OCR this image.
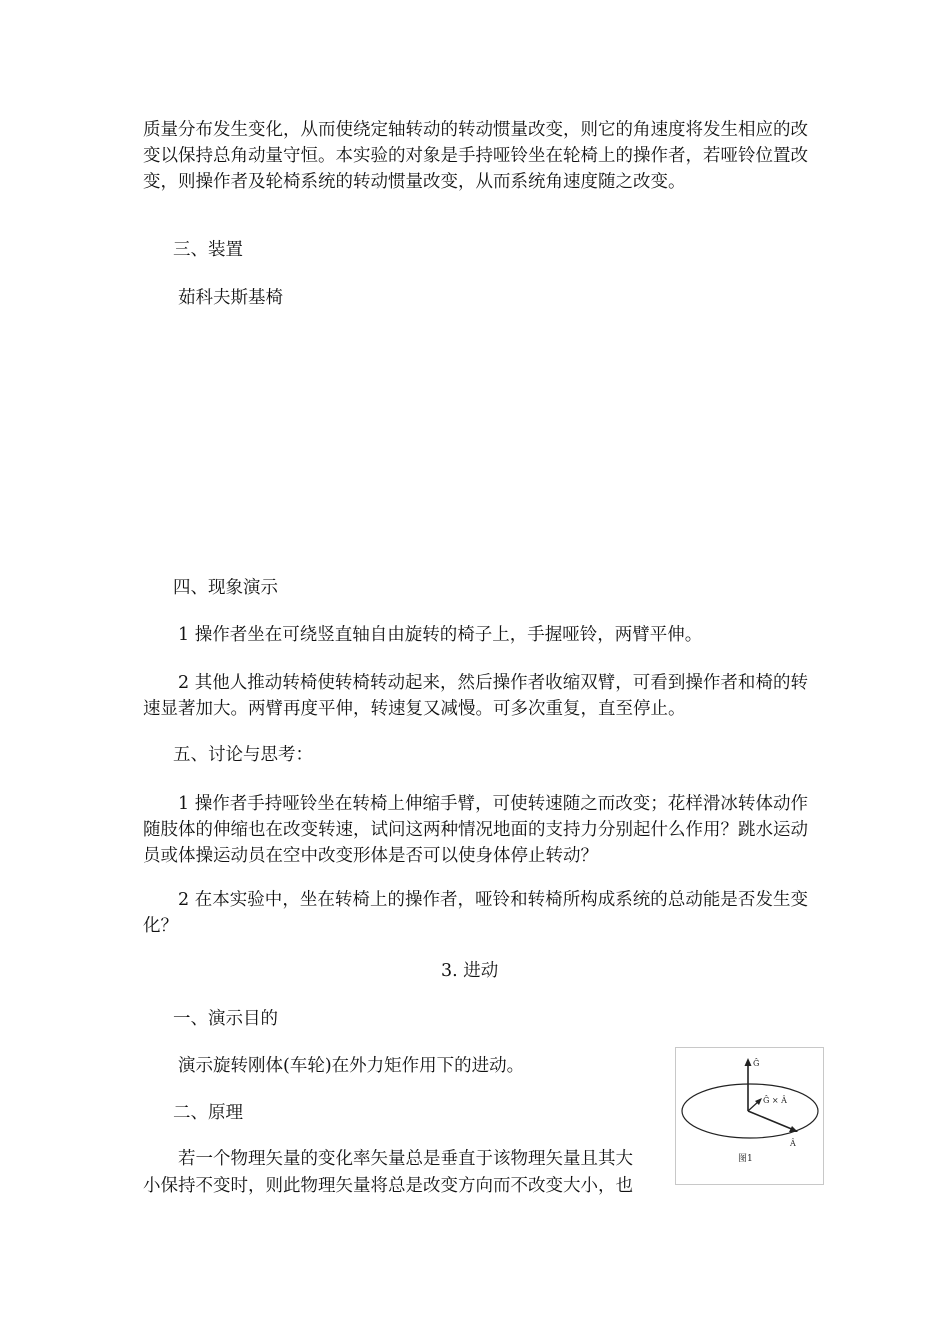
质量分布发生变化，从而使绕定轴转动的转动惯量改变，则它的角速度将发生相应的改变以保持总角动量守恒。本实验的对象是手持哑铃坐在轮椅上的操作者，若哑铃位置改变，则操作者及轮椅系统的转动惯量改变，从而系统角速度随之改变。

三、装置

茹科夫斯基椅

四、现象演示

1 操作者坐在可绕竖直轴自由旋转的椅子上，手握哑铃，两臂平伸。

2 其他人推动转椅使转椅转动起来，然后操作者收缩双臂，可看到操作者和椅的转速显著加大。两臂再度平伸，转速复又减慢。可多次重复，直至停止。

五、讨论与思考：

1 操作者手持哑铃坐在转椅上伸缩手臂，可使转速随之而改变；花样滑冰转体动作随肢体的伸缩也在改变转速，试问这两种情况地面的支持力分别起什么作用？跳水运动员或体操运动员在空中改变形体是否可以使身体停止转动？

2 在本实验中，坐在转椅上的操作者，哑铃和转椅所构成系统的总动能是否发生变化？

3. 进动

一、演示目的

演示旋转刚体(车轮)在外力矩作用下的进动。

二、原理

若一个物理矢量的变化率矢量总是垂直于该物理矢量且其大
小保持不变时，则此物理矢量将总是改变方向而不改变大小，也
Ĝ
Ĝ × Â
Â
图1
